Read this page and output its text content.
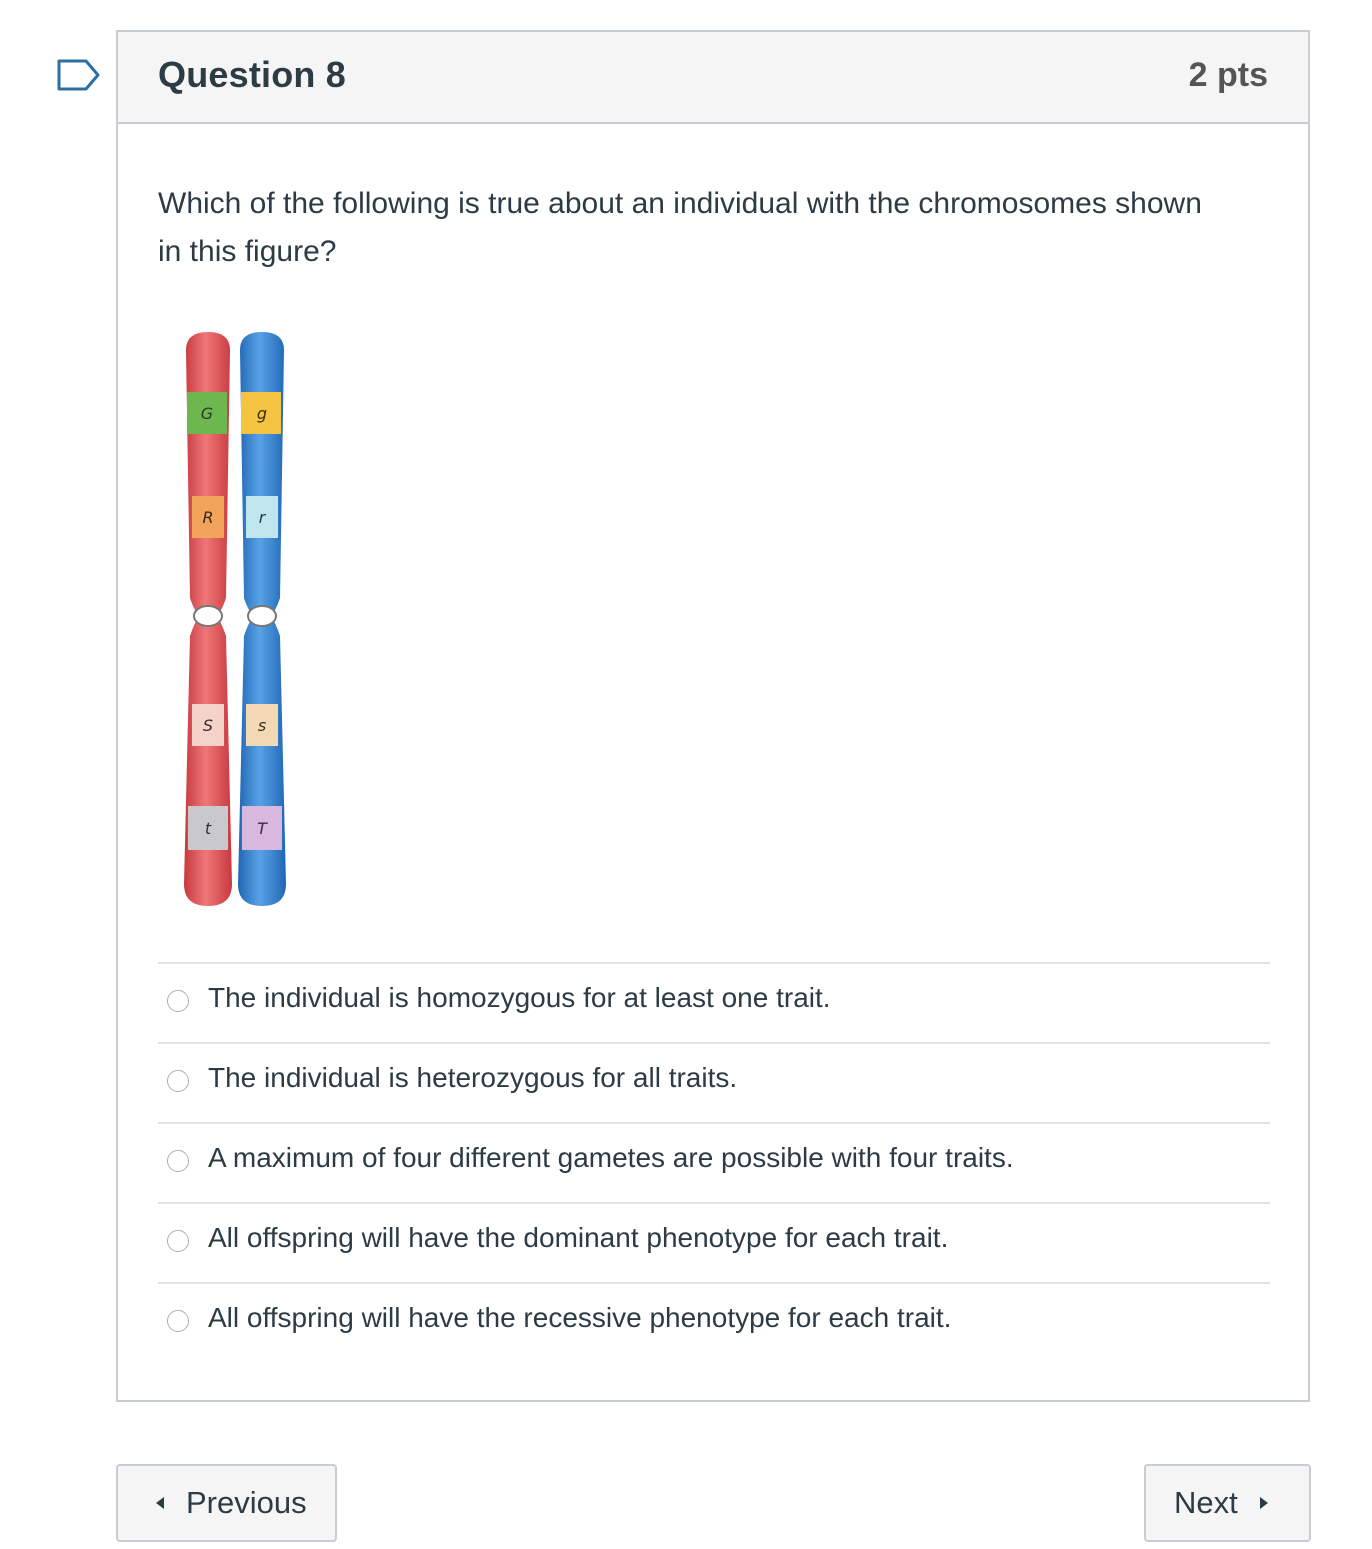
Question 8	2 pts
Which of the following is true about an individual with the chromosomes shown in this figure?
G
R
S
t
g
r
s
T
The individual is homozygous for at least one trait.
The individual is heterozygous for all traits.
A maximum of four different gametes are possible with four traits.
All offspring will have the dominant phenotype for each trait.
All offspring will have the recessive phenotype for each trait.
Previous	Next
